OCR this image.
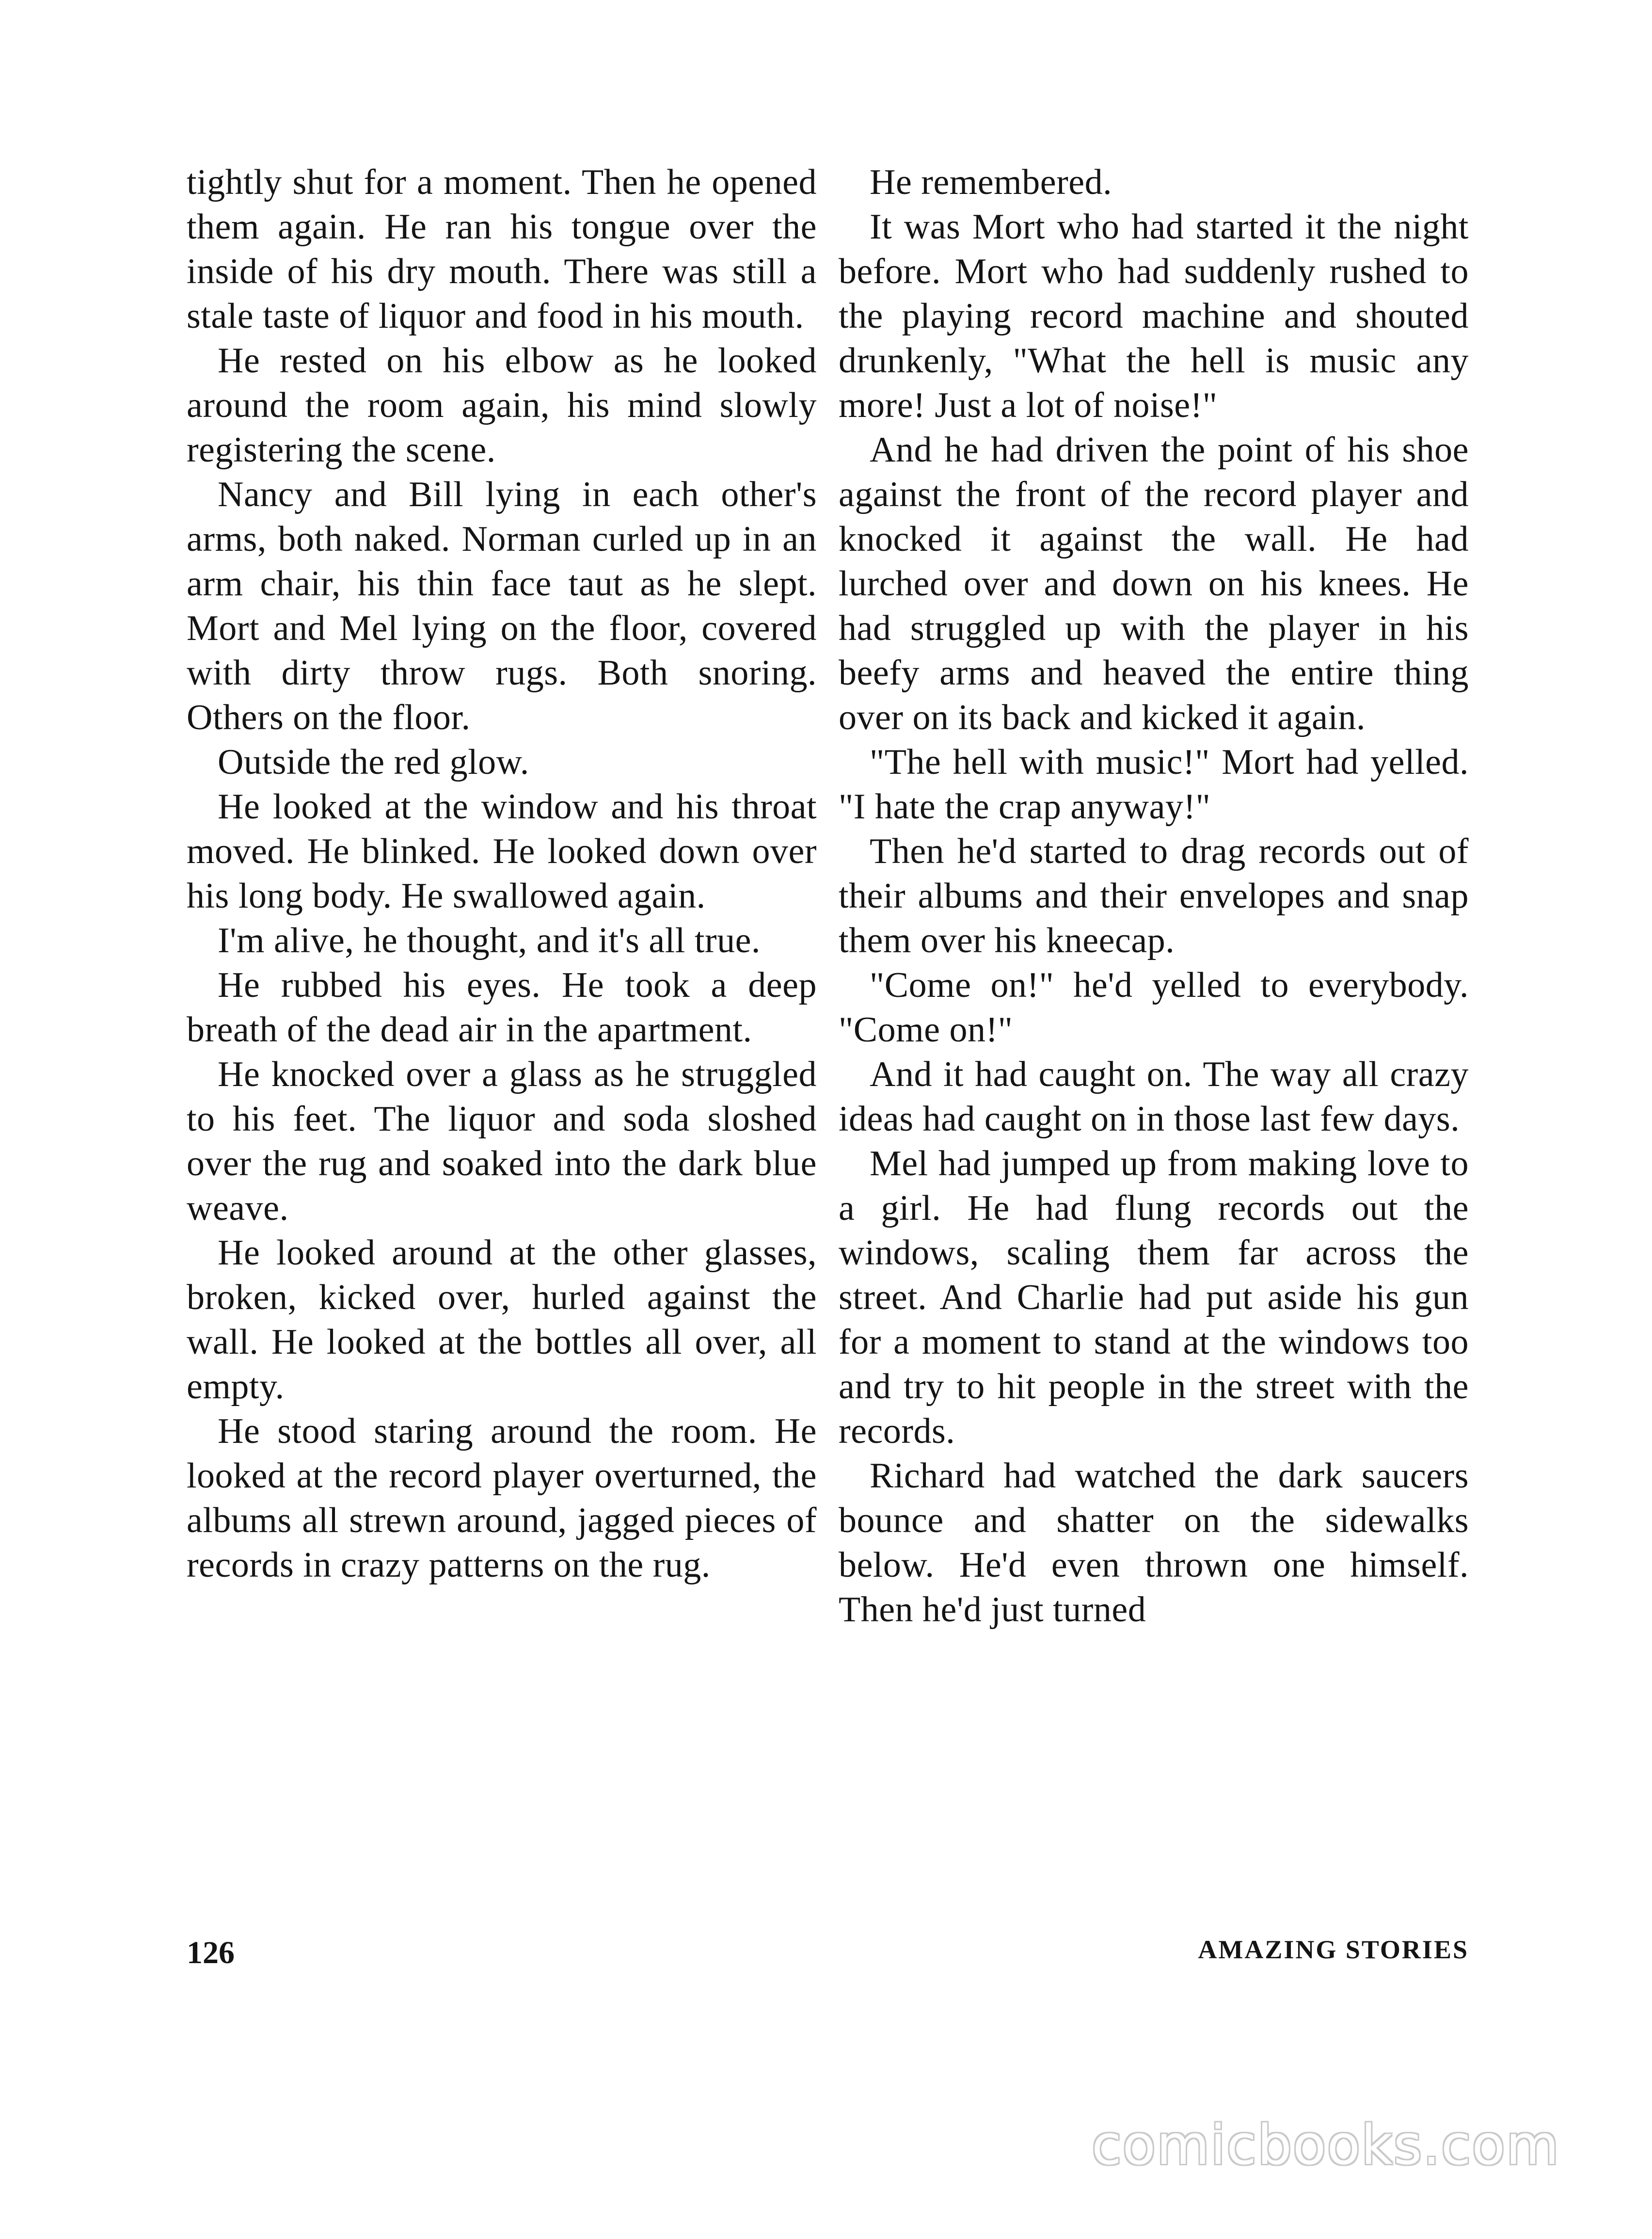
tightly shut for a moment. Then he opened them again. He ran his tongue over the inside of his dry mouth. There was still a stale taste of liquor and food in his mouth.

He rested on his elbow as he looked around the room again, his mind slowly registering the scene.

Nancy and Bill lying in each other's arms, both naked. Norman curled up in an arm chair, his thin face taut as he slept. Mort and Mel lying on the floor, covered with dirty throw rugs. Both snoring. Others on the floor.

Outside the red glow.

He looked at the window and his throat moved. He blinked. He looked down over his long body. He swallowed again.

I'm alive, he thought, and it's all true.

He rubbed his eyes. He took a deep breath of the dead air in the apartment.

He knocked over a glass as he struggled to his feet. The liquor and soda sloshed over the rug and soaked into the dark blue weave.

He looked around at the other glasses, broken, kicked over, hurled against the wall. He looked at the bottles all over, all empty.

He stood staring around the room. He looked at the record player overturned, the albums all strewn around, jagged pieces of records in crazy patterns on the rug.

He remembered.

It was Mort who had started it the night before. Mort who had suddenly rushed to the playing record machine and shouted drunkenly, "What the hell is music any more! Just a lot of noise!"

And he had driven the point of his shoe against the front of the record player and knocked it against the wall. He had lurched over and down on his knees. He had struggled up with the player in his beefy arms and heaved the entire thing over on its back and kicked it again.

"The hell with music!" Mort had yelled. "I hate the crap anyway!"

Then he'd started to drag records out of their albums and their envelopes and snap them over his kneecap.

"Come on!" he'd yelled to everybody. "Come on!"

And it had caught on. The way all crazy ideas had caught on in those last few days.

Mel had jumped up from making love to a girl. He had flung records out the windows, scaling them far across the street. And Charlie had put aside his gun for a moment to stand at the windows too and try to hit people in the street with the records.

Richard had watched the dark saucers bounce and shatter on the sidewalks below. He'd even thrown one himself. Then he'd just turned

126	AMAZING STORIES
comicbooks.com
